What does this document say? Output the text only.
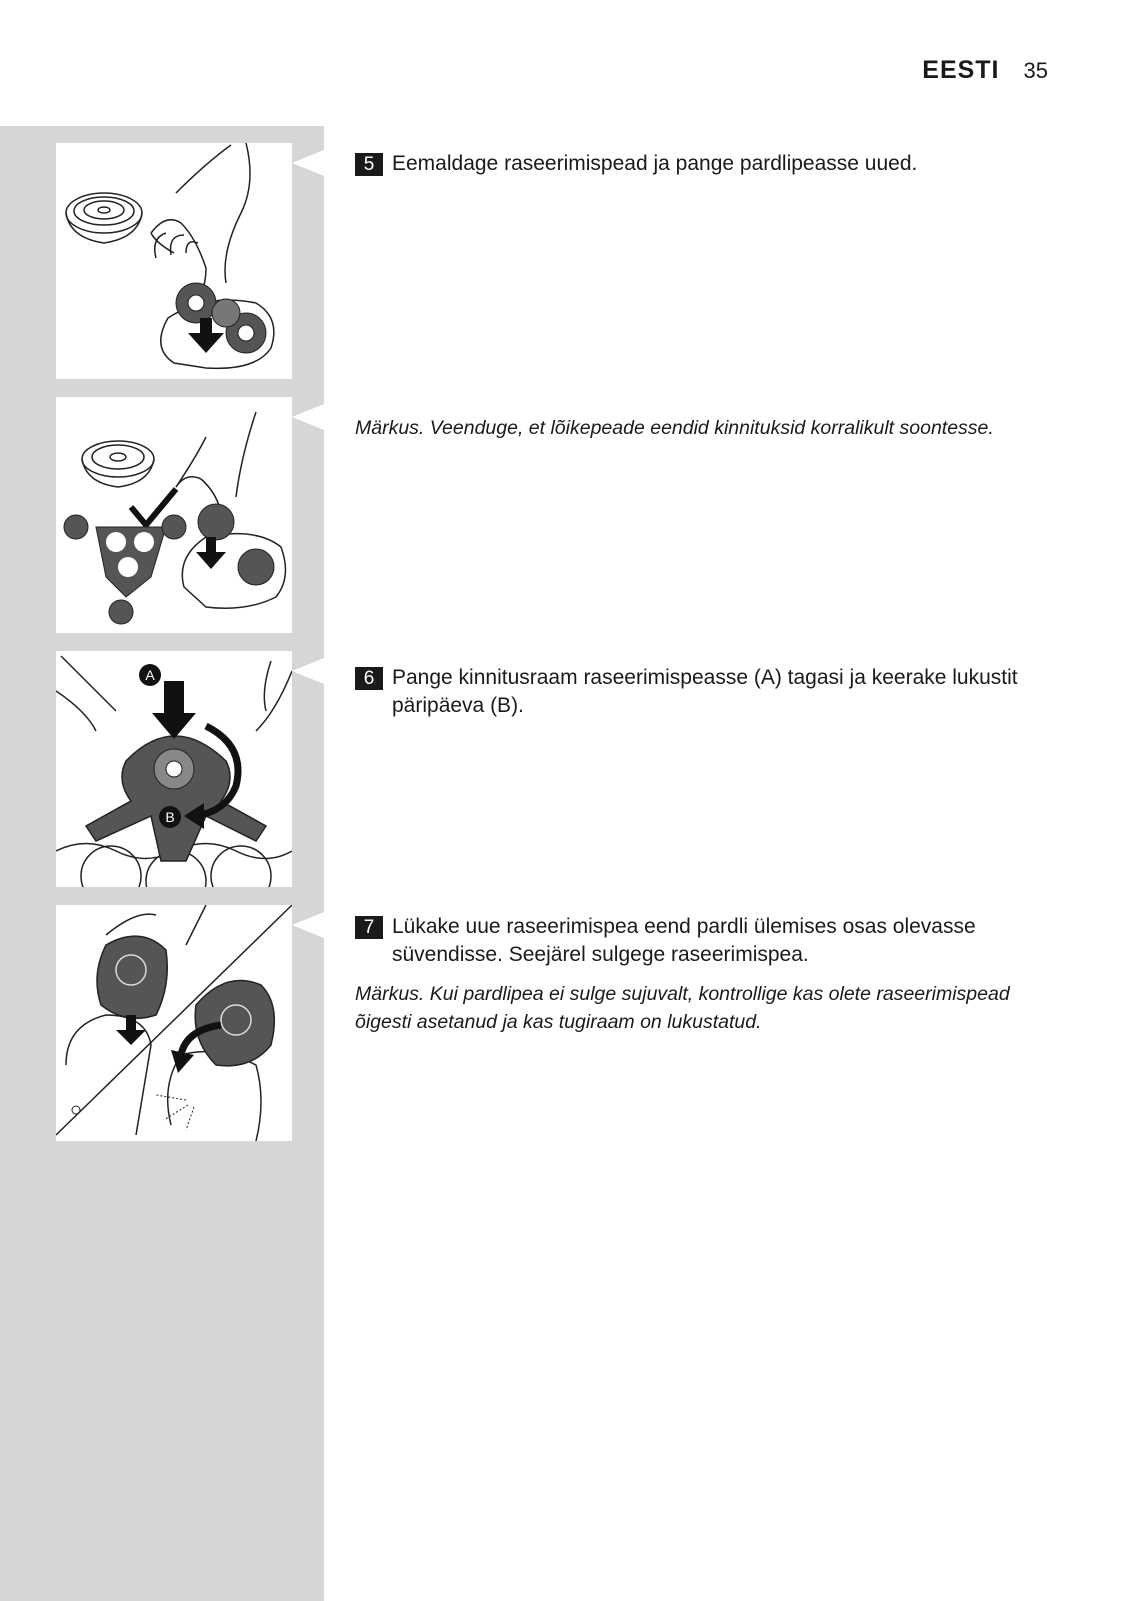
EESTI 35
A
B
5 Eemaldage raseerimispead ja pange pardlipeasse uued.
Märkus. Veenduge, et lõikepeade eendid kinnituksid korralikult soontesse.
6 Pange kinnitusraam raseerimispeasse (A) tagasi ja keerake lukustit päripäeva (B).
7 Lükake uue raseerimispea eend pardli ülemises osas olevasse süvendisse. Seejärel sulgege raseerimispea.
Märkus. Kui pardlipea ei sulge sujuvalt, kontrollige kas olete raseerimispead õigesti asetanud ja kas tugiraam on lukustatud.
